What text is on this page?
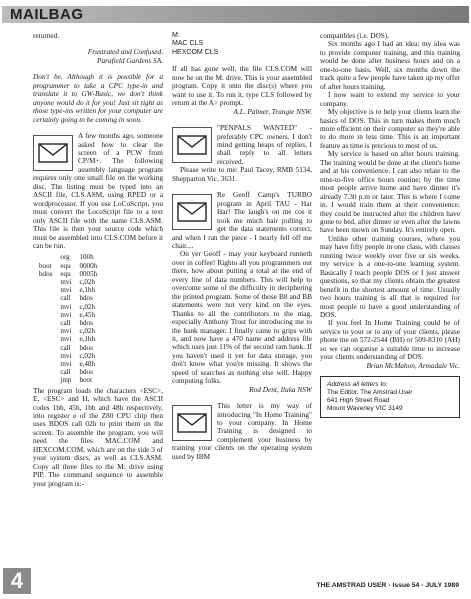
MAILBAG

returned.

Frustrated and Confused,

Parafield Gardens SA.

Don't be. Although it is possible for a programmer to take a CPC type-in and translate it to GW-Basic, we don't think anyone would do it for you! Just sit tight as those type-ins written for your computer are certainly going to be coming in soon.

A few months ago, someone asked how to clear the screen of a PCW from CP/M+. The following assembly language program requires only one small file on the working disc. The listing must be typed into an ASCII file, CLS.ASM, using RPED or a wordprocessor. If you use LoCoScript, you must convert the LocoScript file to a text only ASCII file with the name CLS.ASM. This file is then your source code which must be assembled into CLS.COM before it can be run.

	org	100h
boot	equ	0000h
bdos	equ	0005h
	mvi	c,02h
	mvi	e,1bh
	call	bdos
	mvi	c,02h
	mvi	e,45h
	call	bdos
	mvi	c,02h
	mvi	e,1bh
	call	bdos
	mvi	c,02h
	mvi	e,48h
	call	bdos
	jmp	boot

The program loads the characters <ESC>, E, <ESC> and H, which have the ASCII codes 1bh, 45h, 1bh and 48h respectively, into register e of the Z80 CPU chip then uses BDOS call 02h to print them on the screen. To assemble the program, you will need the files MAC.COM and HEXCOM.COM, which are on the side 3 of your system discs, as well as CLS.ASM. Copy all three files to the M: drive using PIP. The command sequence to assemble your program is:-

M:

MAC CLS

HEXCOM CLS

If all has gone well, the file CLS.COM will now be on the M: drive. This is your assembled program. Copy it onto the disc(s) where you want to use it. To run it, type CLS followed by return at the A> prompt.

A.L. Palmer, Trangie NSW.

"PENPALS WANTED" - preferably CPC owners. I don't mind getting heaps of replies, I shall reply to all letters received.

Please write to me: Paul Tacey, RMB 5134, Shepparton Vic. 3631.

Re Geoff Camp's TURBO program in April TAU - Har Har! The laugh's on me cos it took me much hair pulling to get the data statements correct, and when I ran the piece - I nearly fell off me chair....

On yer Geoff - may your keyboard runneth over in coffee! Righto all you programmers out there, how about putting a total at the end of every line of data numbers. This will help to overcome some of the difficulty in deciphering the printed program. Some of those B8 and BB statements were not very kind on the eyes. Thanks to all the contributors to the mag, especially Anthony Trost for introducing me to the bank manager. I finally came to grips with it, and now have a 470 name and address file which uses just 11% of the second ram bank. If you haven't used it yet for data storage, you don't know what you're missing. It shows the speed of searches as nothing else will. Happy computing folks.

Rod Dent, Iluka NSW

This letter is my way of introducing "In Home Training" to your company. In Home Training is designed to complement your business by training your clients on the operating system used by IBM

compatibles (i.e. DOS).

Six months ago I had an idea; my idea was to provide computer training, and this training would be done after business hours and on a one-to-one basis. Well, six months down the track quite a few people have taken up my offer of after hours training.

I now want to extend my service to your company.

My objective is to help your clients learn the basics of DOS. This in turn makes them much more efficient on their computer so they're able to do more in less time. This is an important feature as time is precious to most of us.

My service is based on after hours training. The training would be done at the client's home and at his convenience. I can also relate to the nine-to-five office hours routine; by the time most people arrive home and have dinner it's already 7.30 p.m or later. This is where I come in. I would train them at their convenience; they could be instructed after the children have gone to bed, after dinner or even after the lawns have been mown on Sunday. It's entirely open.

Unlike other training courses, where you may have fifty people in one class, with classes running twice weekly over five or six weeks, my service is a one-to-one learning system. Basically I teach people DOS or I just answer questions, so that my clients obtain the greatest benefit in the shortest amount of time. Usually two hours training is all that is required for most people to have a good understanding of DOS.

If you feel In Home Training could be of service to your or to any of your clients, please phone me on 572-2544 (BH) or 509-8310 (AH) so we can organise a suitable time to increase your clients understanding of DOS.

Brian McMahon, Armadale Vic.

Address all letters to:
The Editor. The Amstrad User
641 High Street Road
Mount Waverley VIC 3149
4	THE AMSTRAD USER - Issue 54 - JULY 1989
